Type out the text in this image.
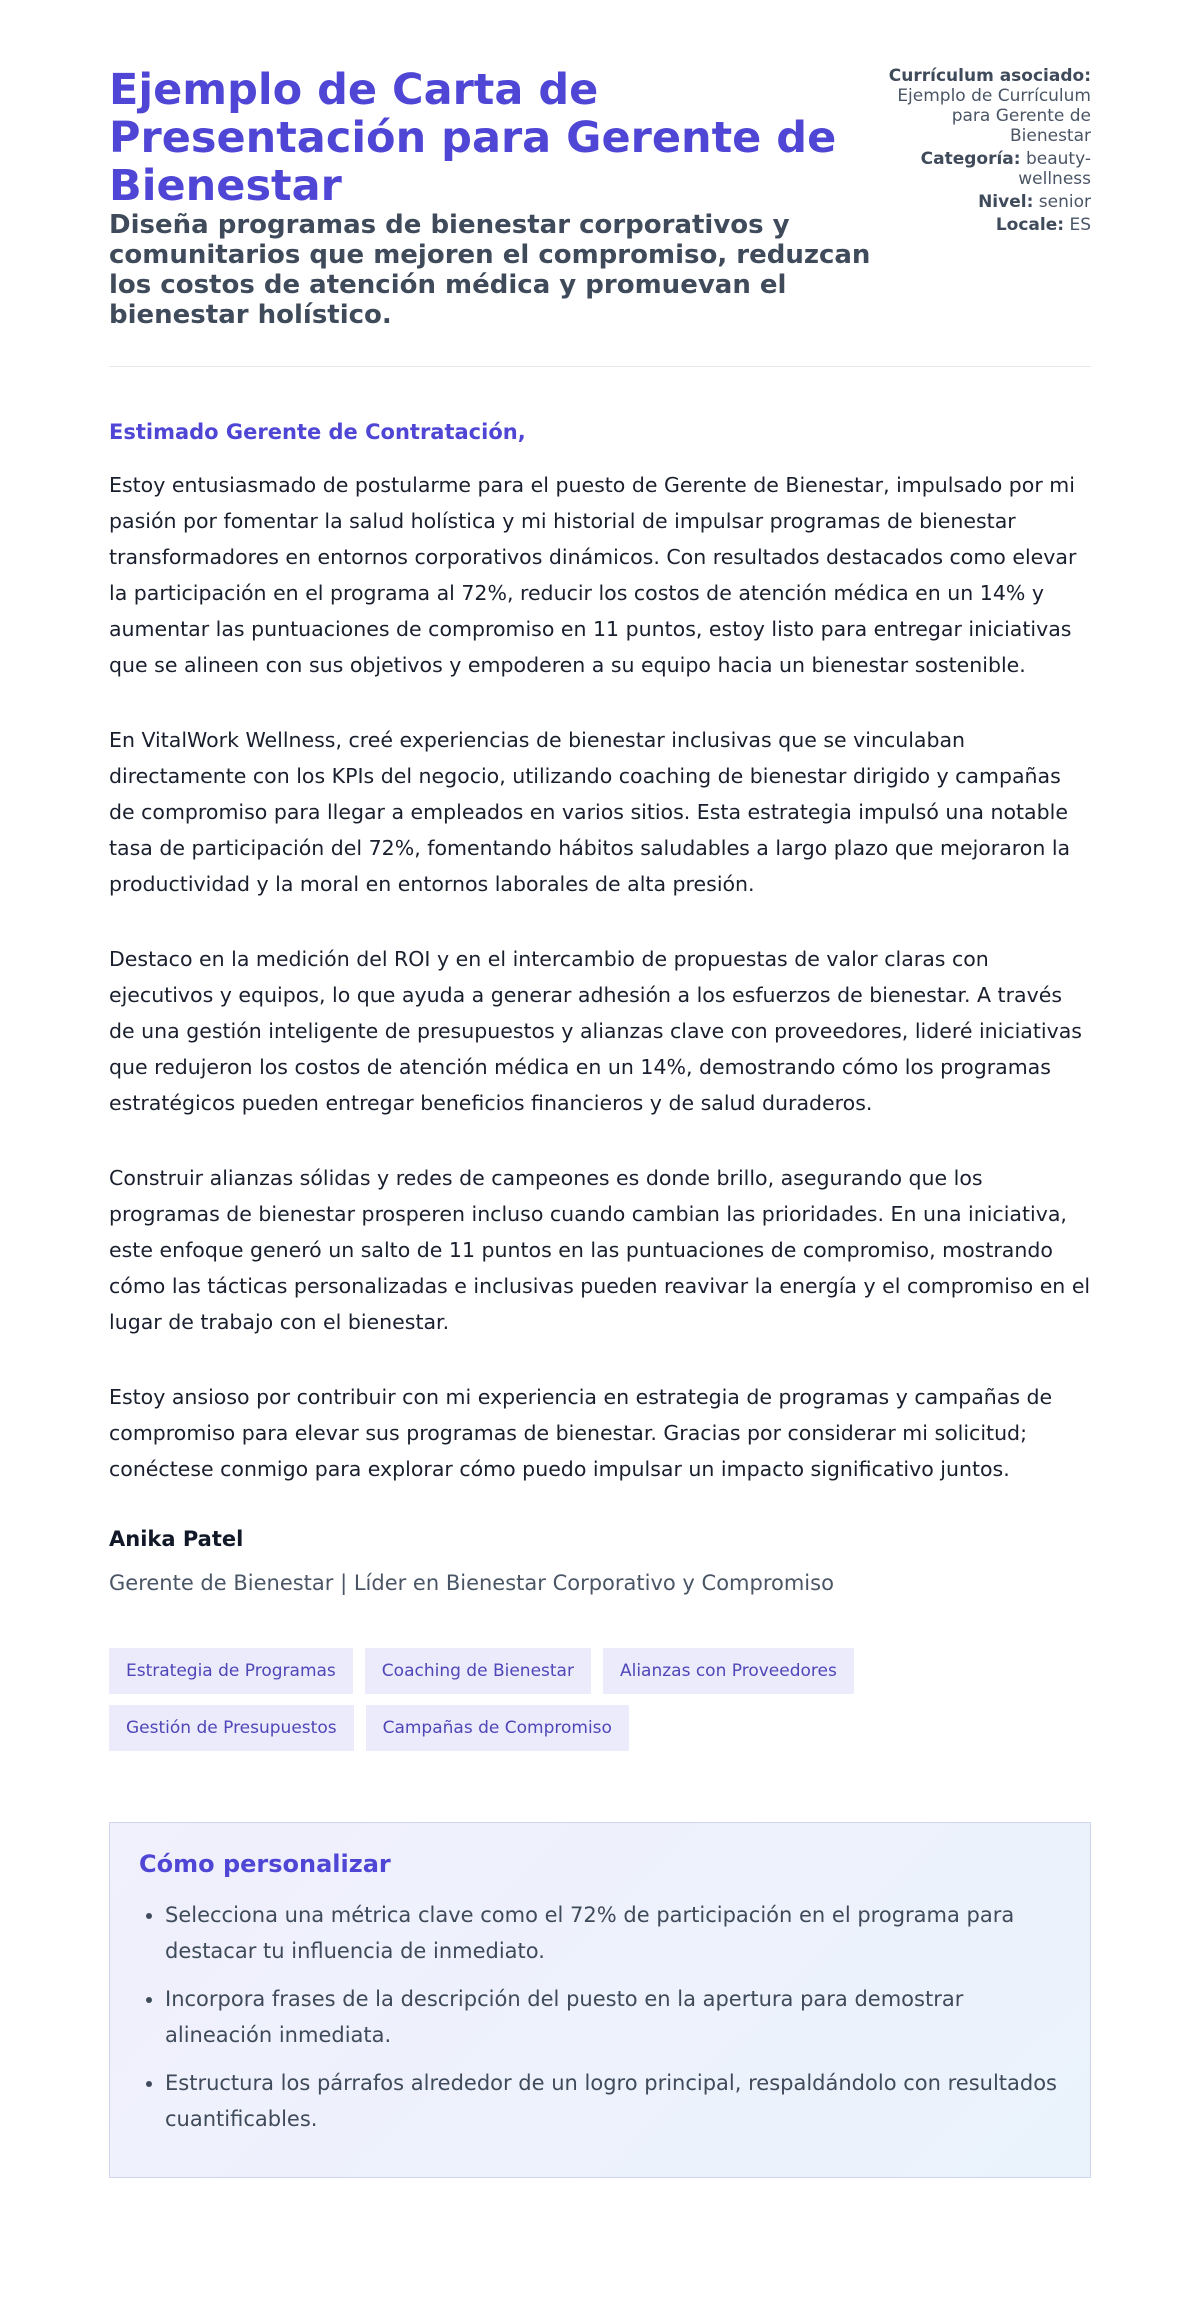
Ejemplo de Carta de Presentación para Gerente de Bienestar
Diseña programas de bienestar corporativos y comunitarios que mejoren el compromiso, reduzcan los costos de atención médica y promuevan el bienestar holístico.
Currículum asociado: Ejemplo de Currículum para Gerente de Bienestar
Categoría: beauty-wellness
Nivel: senior
Locale: ES
Estimado Gerente de Contratación,

Estoy entusiasmado de postularme para el puesto de Gerente de Bienestar, impulsado por mi pasión por fomentar la salud holística y mi historial de impulsar programas de bienestar transformadores en entornos corporativos dinámicos. Con resultados destacados como elevar la participación en el programa al 72%, reducir los costos de atención médica en un 14% y aumentar las puntuaciones de compromiso en 11 puntos, estoy listo para entregar iniciativas que se alineen con sus objetivos y empoderen a su equipo hacia un bienestar sostenible.

En VitalWork Wellness, creé experiencias de bienestar inclusivas que se vinculaban directamente con los KPIs del negocio, utilizando coaching de bienestar dirigido y campañas de compromiso para llegar a empleados en varios sitios. Esta estrategia impulsó una notable tasa de participación del 72%, fomentando hábitos saludables a largo plazo que mejoraron la productividad y la moral en entornos laborales de alta presión.

Destaco en la medición del ROI y en el intercambio de propuestas de valor claras con ejecutivos y equipos, lo que ayuda a generar adhesión a los esfuerzos de bienestar. A través de una gestión inteligente de presupuestos y alianzas clave con proveedores, lideré iniciativas que redujeron los costos de atención médica en un 14%, demostrando cómo los programas estratégicos pueden entregar beneficios financieros y de salud duraderos.

Construir alianzas sólidas y redes de campeones es donde brillo, asegurando que los programas de bienestar prosperen incluso cuando cambian las prioridades. En una iniciativa, este enfoque generó un salto de 11 puntos en las puntuaciones de compromiso, mostrando cómo las tácticas personalizadas e inclusivas pueden reavivar la energía y el compromiso en el lugar de trabajo con el bienestar.

Estoy ansioso por contribuir con mi experiencia en estrategia de programas y campañas de compromiso para elevar sus programas de bienestar. Gracias por considerar mi solicitud; conéctese conmigo para explorar cómo puedo impulsar un impacto significativo juntos.

Anika Patel
Gerente de Bienestar | Líder en Bienestar Corporativo y Compromiso
Estrategia de Programas	Coaching de Bienestar	Alianzas con Proveedores
Gestión de Presupuestos	Campañas de Compromiso
Cómo personalizar
• Selecciona una métrica clave como el 72% de participación en el programa para destacar tu influencia de inmediato.
• Incorpora frases de la descripción del puesto en la apertura para demostrar alineación inmediata.
• Estructura los párrafos alrededor de un logro principal, respaldándolo con resultados cuantificables.
